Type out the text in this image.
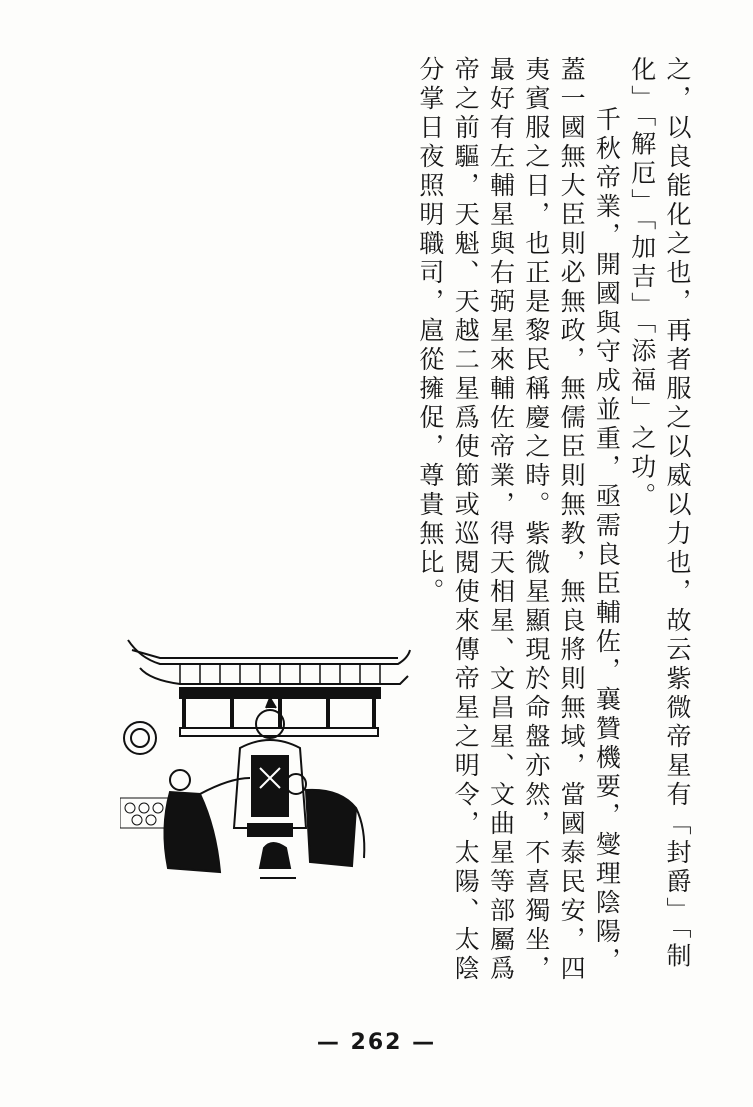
之，以良能化之也，再者服之以威以力也，故云紫微帝星有「封爵」「制化」「解厄」「加吉」「添福」之功。

千秋帝業，開國與守成並重，亟需良臣輔佐，襄贊機要，燮理陰陽，蓋一國無大臣則必無政，無儒臣則無教，無良將則無域，當國泰民安，四夷賓服之日，也正是黎民稱慶之時。紫微星顯現於命盤亦然，不喜獨坐，最好有左輔星與右弼星來輔佐帝業，得天相星、文昌星、文曲星等部屬爲帝之前驅，天魁、天越二星爲使節或巡閱使來傳帝星之明令，太陽、太陰分掌日夜照明職司，扈從擁促，尊貴無比。

— 262 —
